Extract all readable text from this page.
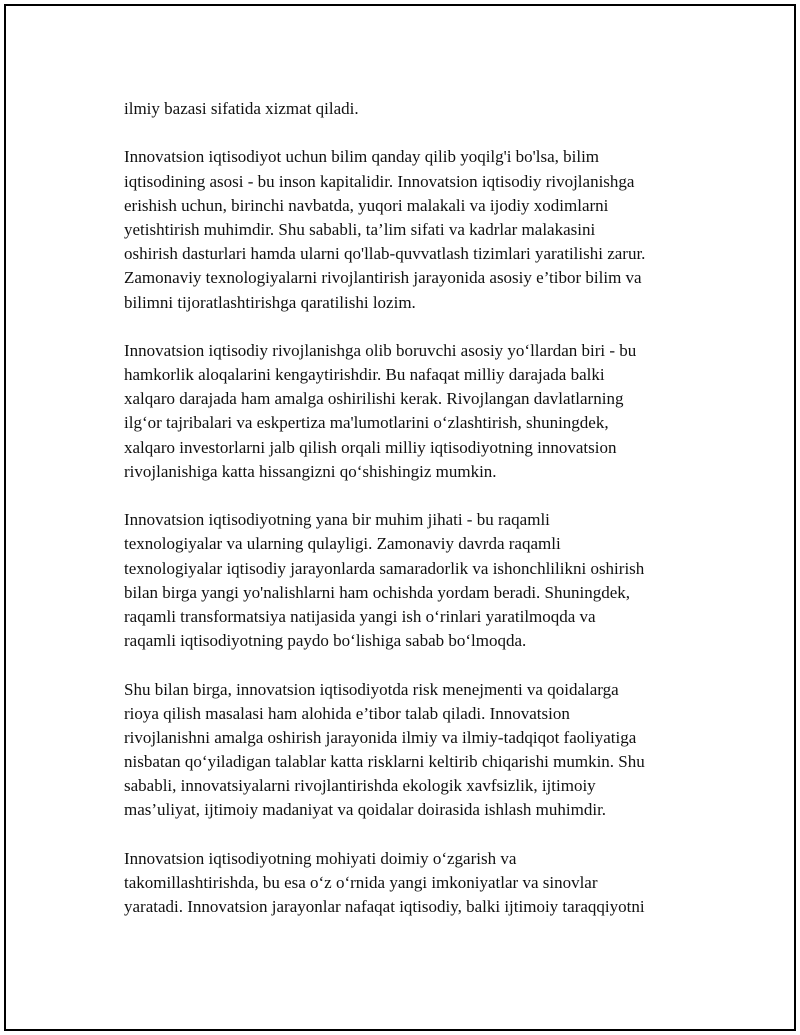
ilmiy bazasi sifatida xizmat qiladi.
Innovatsion iqtisodiyot uchun bilim qanday qilib yoqilg'i bo'lsa, bilim
iqtisodining asosi - bu inson kapitalidir. Innovatsion iqtisodiy rivojlanishga
erishish uchun, birinchi navbatda, yuqori malakali va ijodiy xodimlarni
yetishtirish muhimdir. Shu sababli, ta’lim sifati va kadrlar malakasini
oshirish dasturlari hamda ularni qo'llab-quvvatlash tizimlari yaratilishi zarur.
Zamonaviy texnologiyalarni rivojlantirish jarayonida asosiy e’tibor bilim va
bilimni tijoratlashtirishga qaratilishi lozim.
Innovatsion iqtisodiy rivojlanishga olib boruvchi asosiy yo‘llardan biri - bu
hamkorlik aloqalarini kengaytirishdir. Bu nafaqat milliy darajada balki
xalqaro darajada ham amalga oshirilishi kerak. Rivojlangan davlatlarning
ilg‘or tajribalari va eskpertiza ma'lumotlarini o‘zlashtirish, shuningdek,
xalqaro investorlarni jalb qilish orqali milliy iqtisodiyotning innovatsion
rivojlanishiga katta hissangizni qo‘shishingiz mumkin.
Innovatsion iqtisodiyotning yana bir muhim jihati - bu raqamli
texnologiyalar va ularning qulayligi. Zamonaviy davrda raqamli
texnologiyalar iqtisodiy jarayonlarda samaradorlik va ishonchlilikni oshirish
bilan birga yangi yo'nalishlarni ham ochishda yordam beradi. Shuningdek,
raqamli transformatsiya natijasida yangi ish o‘rinlari yaratilmoqda va
raqamli iqtisodiyotning paydo bo‘lishiga sabab bo‘lmoqda.
Shu bilan birga, innovatsion iqtisodiyotda risk menejmenti va qoidalarga
rioya qilish masalasi ham alohida e’tibor talab qiladi. Innovatsion
rivojlanishni amalga oshirish jarayonida ilmiy va ilmiy-tadqiqot faoliyatiga
nisbatan qo‘yiladigan talablar katta risklarni keltirib chiqarishi mumkin. Shu
sababli, innovatsiyalarni rivojlantirishda ekologik xavfsizlik, ijtimoiy
mas’uliyat, ijtimoiy madaniyat va qoidalar doirasida ishlash muhimdir.
Innovatsion iqtisodiyotning mohiyati doimiy o‘zgarish va
takomillashtirishda, bu esa o‘z o‘rnida yangi imkoniyatlar va sinovlar
yaratadi. Innovatsion jarayonlar nafaqat iqtisodiy, balki ijtimoiy taraqqiyotni
